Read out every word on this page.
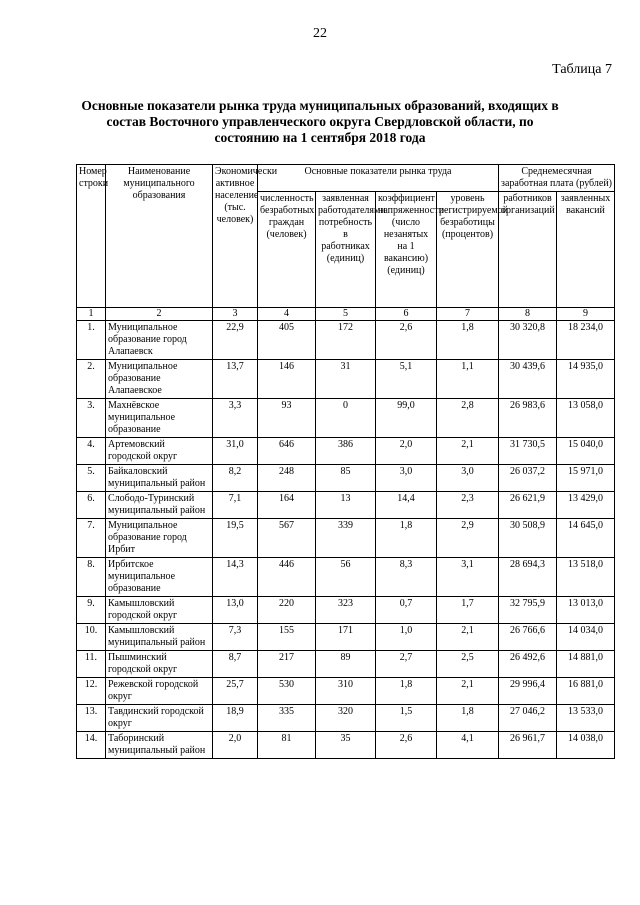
22
Таблица 7
Основные показатели рынка труда муниципальных образований, входящих в состав Восточного управленческого округа Свердловской области, по состоянию на 1 сентября 2018 года
Номер строки	Наименование муниципального образования	Экономически активное население (тыс. человек)	Основные показатели рынка труда				Среднемесячная заработная плата (рублей)	
			численность безработных граждан (человек)	заявленная работодателями потребность в работниках (единиц)	коэффициент напряженности (число незанятых на 1 вакансию) (единиц)	уровень регистрируемой безработицы (процентов)	работников организаций	заявленных вакансий
1	2	3	4	5	6	7	8	9
1.	Муниципальное образование город Алапаевск	22,9	405	172	2,6	1,8	30 320,8	18 234,0
2.	Муниципальное образование Алапаевское	13,7	146	31	5,1	1,1	30 439,6	14 935,0
3.	Махнёвское муниципальное образование	3,3	93	0	99,0	2,8	26 983,6	13 058,0
4.	Артемовский городской округ	31,0	646	386	2,0	2,1	31 730,5	15 040,0
5.	Байкаловский муниципальный район	8,2	248	85	3,0	3,0	26 037,2	15 971,0
6.	Слободо-Туринский муниципальный район	7,1	164	13	14,4	2,3	26 621,9	13 429,0
7.	Муниципальное образование город Ирбит	19,5	567	339	1,8	2,9	30 508,9	14 645,0
8.	Ирбитское муниципальное образование	14,3	446	56	8,3	3,1	28 694,3	13 518,0
9.	Камышловский городской округ	13,0	220	323	0,7	1,7	32 795,9	13 013,0
10.	Камышловский муниципальный район	7,3	155	171	1,0	2,1	26 766,6	14 034,0
11.	Пышминский городской округ	8,7	217	89	2,7	2,5	26 492,6	14 881,0
12.	Режевской городской округ	25,7	530	310	1,8	2,1	29 996,4	16 881,0
13.	Тавдинский городской округ	18,9	335	320	1,5	1,8	27 046,2	13 533,0
14.	Таборинский муниципальный район	2,0	81	35	2,6	4,1	26 961,7	14 038,0
